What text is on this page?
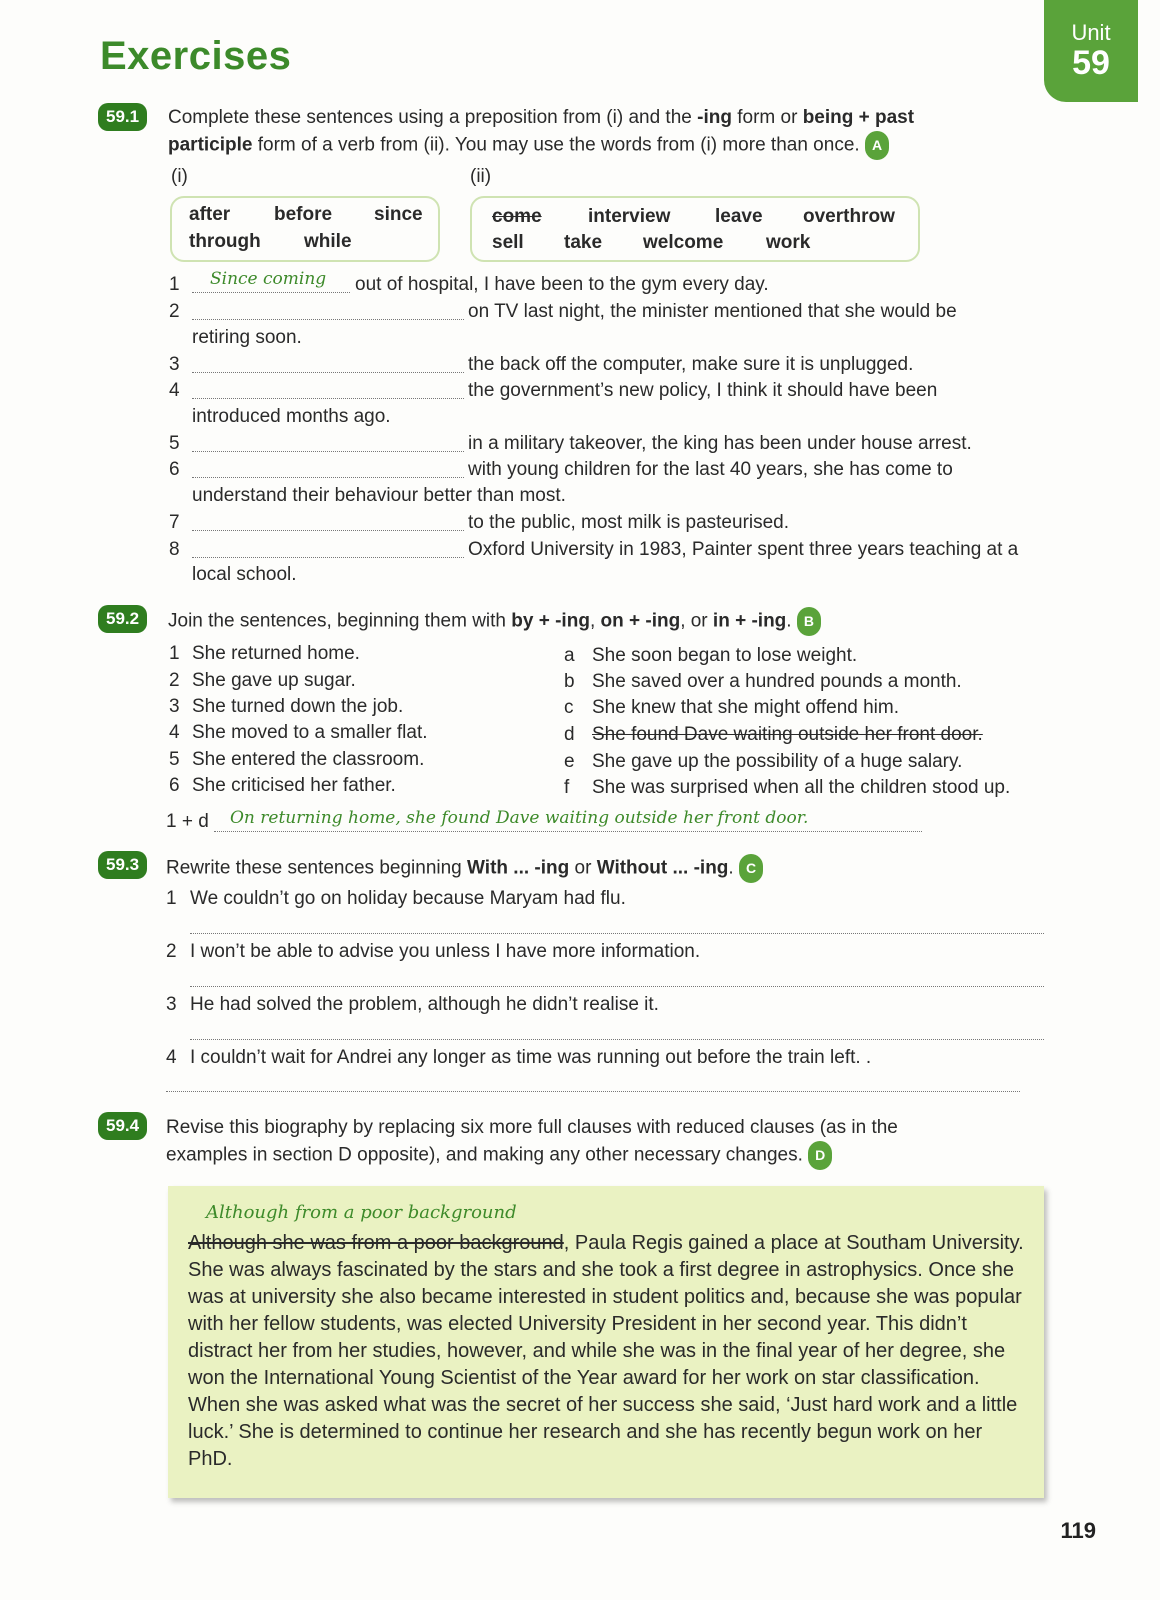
Exercises
Unit
59
59.1	Complete these sentences using a preposition from (i) and the -ing form or being + past participle form of a verb from (ii). You may use the words from (i) more than once. A
(i)	(ii)
after before since
through while
come interview leave overthrow
sell take welcome work
1 Since coming out of hospital, I have been to the gym every day.
2	on TV last night, the minister mentioned that she would be
retiring soon.
3	the back off the computer, make sure it is unplugged.
4	the government’s new policy, I think it should have been
introduced months ago.
5	in a military takeover, the king has been under house arrest.
6	with young children for the last 40 years, she has come to
understand their behaviour better than most.
7	to the public, most milk is pasteurised.
8	Oxford University in 1983, Painter spent three years teaching at a
local school.
59.2	Join the sentences, beginning them with by + -ing, on + -ing, or in + -ing. B
1 She returned home.
2 She gave up sugar.
3 She turned down the job.
4 She moved to a smaller flat.
5 She entered the classroom.
6 She criticised her father.
a She soon began to lose weight.
b She saved over a hundred pounds a month.
c She knew that she might offend him.
d She found Dave waiting outside her front door.
e She gave up the possibility of a huge salary.
f She was surprised when all the children stood up.
1 + d On returning home, she found Dave waiting outside her front door.
59.3	Rewrite these sentences beginning With ... -ing or Without ... -ing. C
1 We couldn’t go on holiday because Maryam had flu.
2 I won’t be able to advise you unless I have more information.
3 He had solved the problem, although he didn’t realise it.
4 I couldn’t wait for Andrei any longer as time was running out before the train left. .
59.4	Revise this biography by replacing six more full clauses with reduced clauses (as in the
examples in section D opposite), and making any other necessary changes. D
Although from a poor background
Although she was from a poor background, Paula Regis gained a place at Southam University. She was always fascinated by the stars and she took a first degree in astrophysics. Once she was at university she also became interested in student politics and, because she was popular with her fellow students, was elected University President in her second year. This didn’t distract her from her studies, however, and while she was in the final year of her degree, she won the International Young Scientist of the Year award for her work on star classification. When she was asked what was the secret of her success she said, ‘Just hard work and a little luck.’ She is determined to continue her research and she has recently begun work on her PhD.
119
